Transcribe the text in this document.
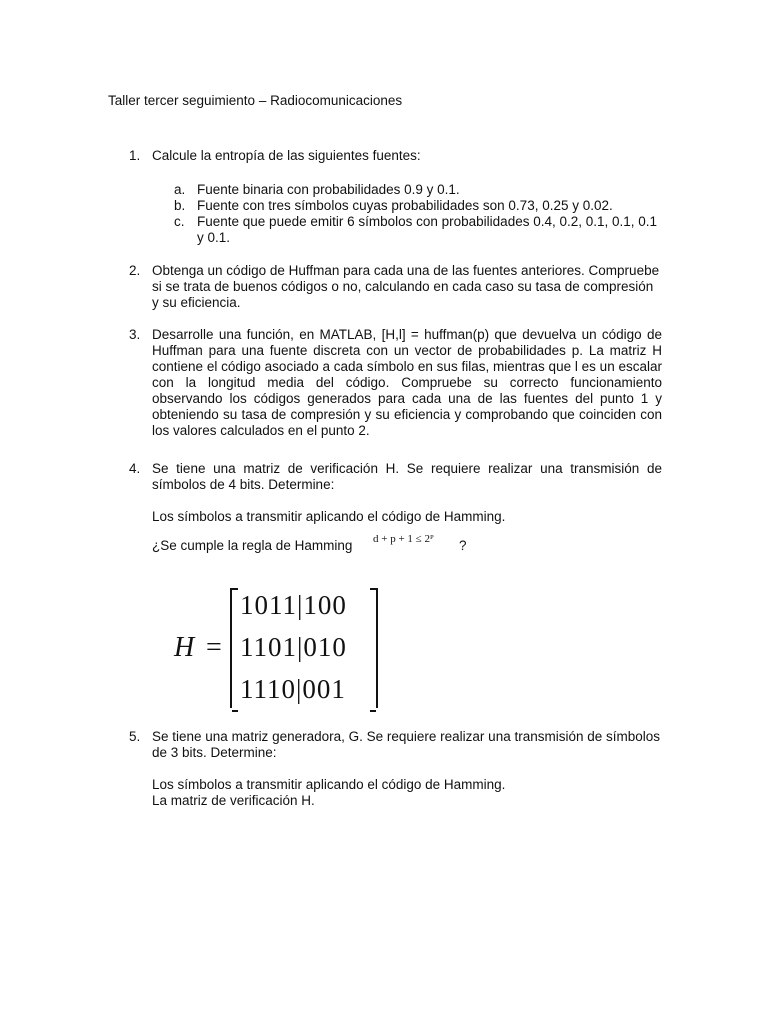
Taller tercer seguimiento – Radiocomunicaciones
1. Calcule la entropía de las siguientes fuentes:
a. Fuente binaria con probabilidades 0.9 y 0.1.
b. Fuente con tres símbolos cuyas probabilidades son 0.73, 0.25 y 0.02.
c. Fuente que puede emitir 6 símbolos con probabilidades 0.4, 0.2, 0.1, 0.1, 0.1 y 0.1.
2. Obtenga un código de Huffman para cada una de las fuentes anteriores. Compruebe si se trata de buenos códigos o no, calculando en cada caso su tasa de compresión y su eficiencia.
3. Desarrolle una función, en MATLAB, [H,l] = huffman(p) que devuelva un código de Huffman para una fuente discreta con un vector de probabilidades p. La matriz H contiene el código asociado a cada símbolo en sus filas, mientras que l es un escalar con la longitud media del código. Compruebe su correcto funcionamiento observando los códigos generados para cada una de las fuentes del punto 1 y obteniendo su tasa de compresión y su eficiencia y comprobando que coinciden con los valores calculados en el punto 2.
4. Se tiene una matriz de verificación H. Se requiere realizar una transmisión de símbolos de 4 bits. Determine:
Los símbolos a transmitir aplicando el código de Hamming.
¿Se cumple la regla de Hamming	d + p + 1 ≤ 2ᴾ ?
H =
1011|100
1101|010
1110|001
5. Se tiene una matriz generadora, G. Se requiere realizar una transmisión de símbolos de 3 bits. Determine:
Los símbolos a transmitir aplicando el código de Hamming.
La matriz de verificación H.
